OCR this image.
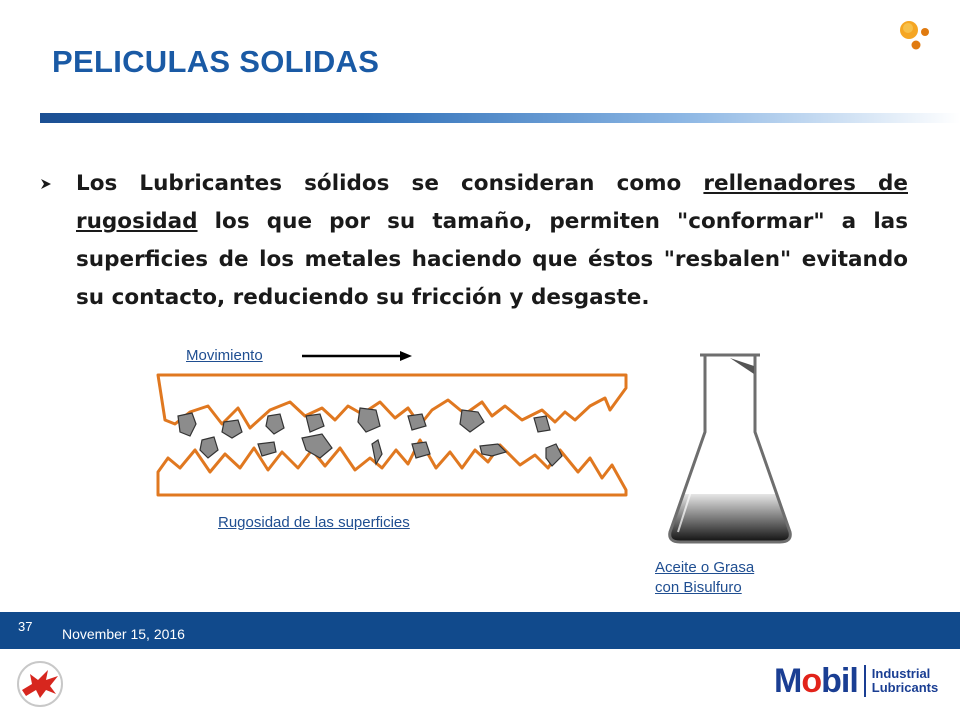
PELICULAS SOLIDAS
Los Lubricantes sólidos se consideran como rellenadores de rugosidad los que por su tamaño, permiten "conformar" a las superficies de los metales haciendo que éstos "resbalen" evitando su contacto, reduciendo su fricción y desgaste.
Movimiento
Rugosidad de las superficies
Aceite o Grasa
con Bisulfuro
37 November 15, 2016
Mobil Industrial
Lubricants
